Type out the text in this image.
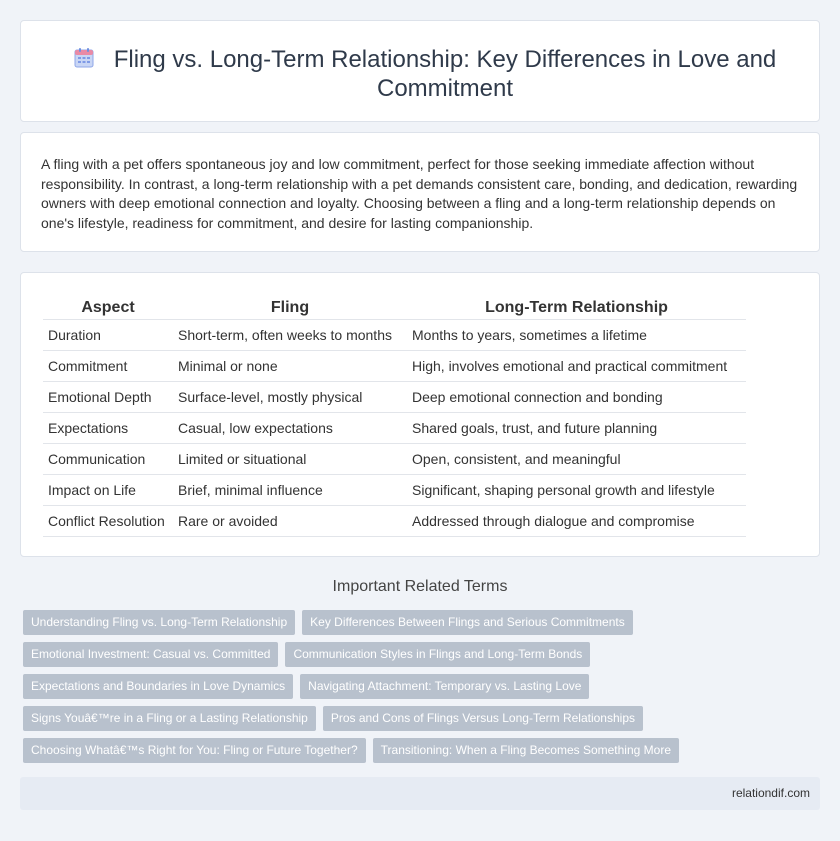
Fling vs. Long-Term Relationship: Key Differences in Love and Commitment

A fling with a pet offers spontaneous joy and low commitment, perfect for those seeking immediate affection without responsibility. In contrast, a long-term relationship with a pet demands consistent care, bonding, and dedication, rewarding owners with deep emotional connection and loyalty. Choosing between a fling and a long-term relationship depends on one's lifestyle, readiness for commitment, and desire for lasting companionship.

Aspect	Fling	Long-Term Relationship
Duration	Short-term, often weeks to months	Months to years, sometimes a lifetime
Commitment	Minimal or none	High, involves emotional and practical commitment
Emotional Depth	Surface-level, mostly physical	Deep emotional connection and bonding
Expectations	Casual, low expectations	Shared goals, trust, and future planning
Communication	Limited or situational	Open, consistent, and meaningful
Impact on Life	Brief, minimal influence	Significant, shaping personal growth and lifestyle
Conflict Resolution	Rare or avoided	Addressed through dialogue and compromise
Important Related Terms
Understanding Fling vs. Long-Term Relationship	Key Differences Between Flings and Serious Commitments
Emotional Investment: Casual vs. Committed	Communication Styles in Flings and Long-Term Bonds
Expectations and Boundaries in Love Dynamics	Navigating Attachment: Temporary vs. Lasting Love
Signs Youâ€™re in a Fling or a Lasting Relationship	Pros and Cons of Flings Versus Long-Term Relationships
Choosing Whatâ€™s Right for You: Fling or Future Together?	Transitioning: When a Fling Becomes Something More
relationdif.com
